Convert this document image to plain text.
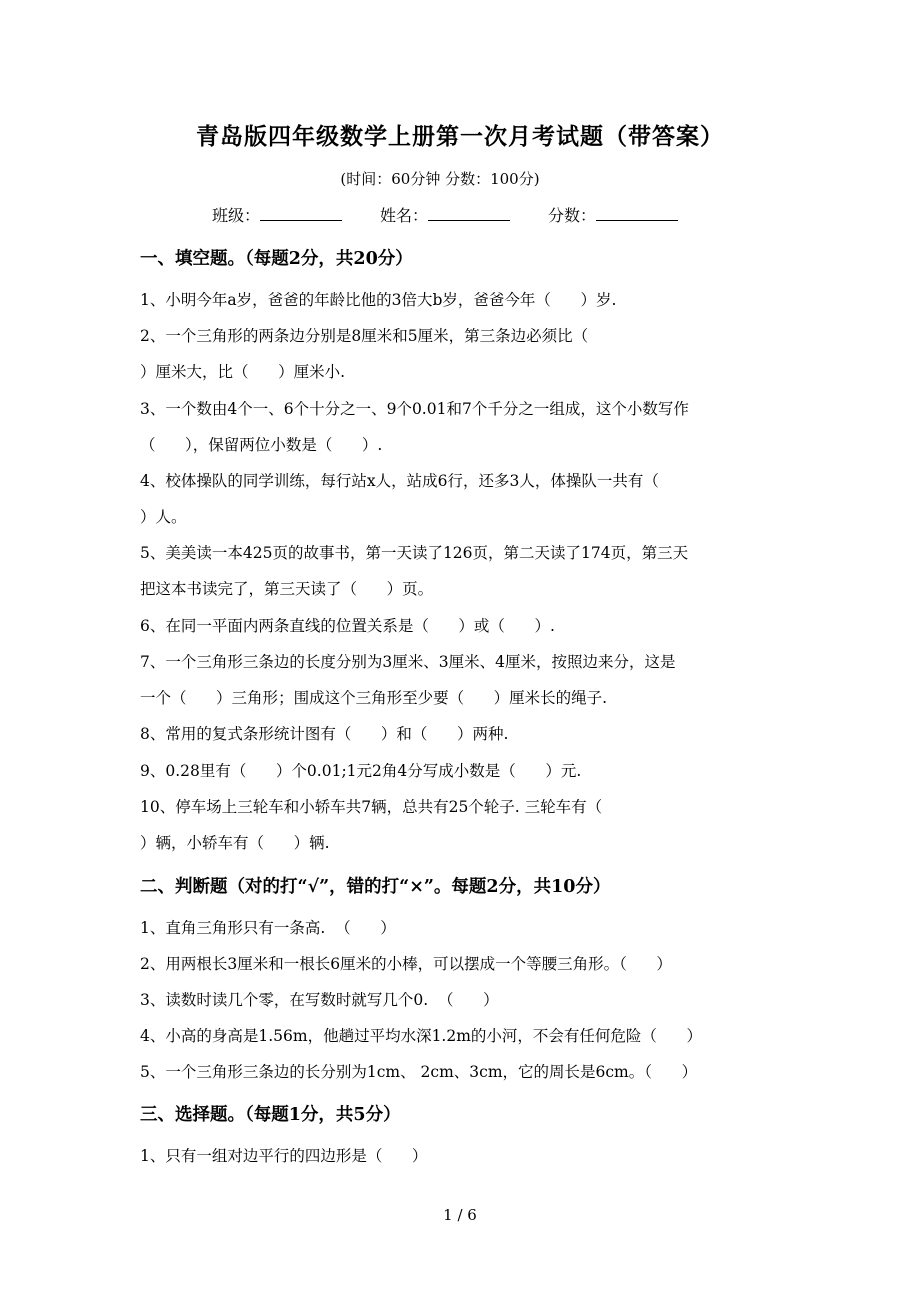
青岛版四年级数学上册第一次月考试题（带答案）
(时间：60分钟 分数：100分)
班级：	姓名：	分数：
一、填空题。（每题2分，共20分）
1、小明今年a岁，爸爸的年龄比他的3倍大b岁，爸爸今年（      ）岁.
2、一个三角形的两条边分别是8厘米和5厘米，第三条边必须比（
）厘米大，比（      ）厘米小.
3、一个数由4个一、6个十分之一、9个0.01和7个千分之一组成，这个小数写作
（      ），保留两位小数是（      ）.
4、校体操队的同学训练，每行站x人，站成6行，还多3人，体操队一共有（
）人。
5、美美读一本425页的故事书，第一天读了126页，第二天读了174页，第三天
把这本书读完了，第三天读了（      ）页。
6、在同一平面内两条直线的位置关系是（      ）或（      ）.
7、一个三角形三条边的长度分别为3厘米、3厘米、4厘米，按照边来分，这是
一个（      ）三角形；围成这个三角形至少要（      ）厘米长的绳子.
8、常用的复式条形统计图有（      ）和（      ）两种.
9、0.28里有（      ）个0.01;1元2角4分写成小数是（      ）元.
10、停车场上三轮车和小轿车共7辆，总共有25个轮子. 三轮车有（
）辆，小轿车有（      ）辆.
二、判断题（对的打“√”，错的打“×”。每题2分，共10分）
1、直角三角形只有一条高.  （      ）
2、用两根长3厘米和一根长6厘米的小棒，可以摆成一个等腰三角形。（      ）
3、读数时读几个零，在写数时就写几个0.  （      ）
4、小高的身高是1.56m，他趟过平均水深1.2m的小河，不会有任何危险（      ）
5、一个三角形三条边的长分别为1cm、 2cm、3cm，它的周长是6cm。（      ）
三、选择题。（每题1分，共5分）
1、只有一组对边平行的四边形是（      ）
1 / 6
